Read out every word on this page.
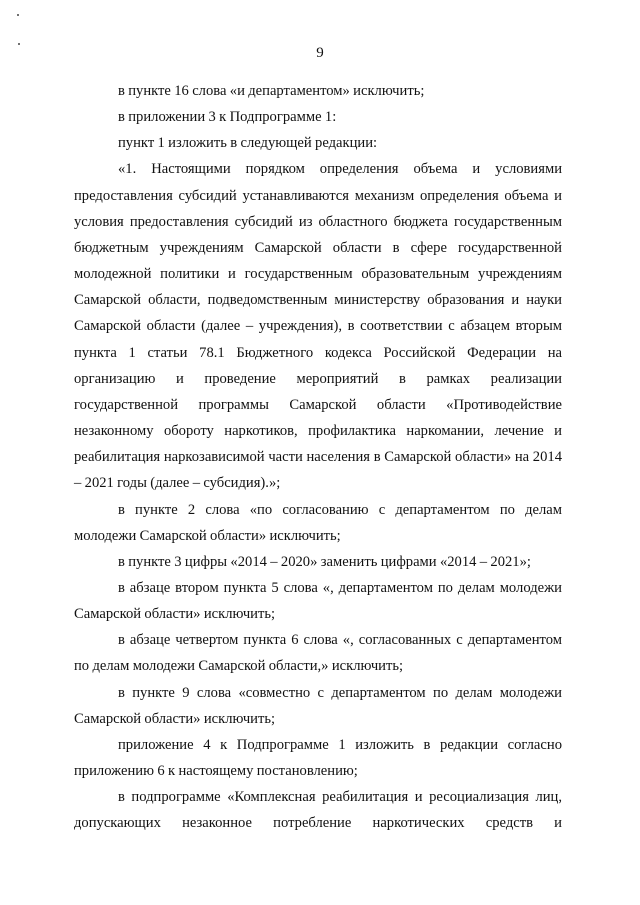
9

в пункте 16 слова «и департаментом» исключить;

в приложении 3 к Подпрограмме 1:

пункт 1 изложить в следующей редакции:

«1. Настоящими порядком определения объема и условиями предоставления субсидий устанавливаются механизм определения объема и условия предоставления субсидий из областного бюджета государственным бюджетным учреждениям Самарской области в сфере государственной молодежной политики и государственным образовательным учреждениям Самарской области, подведомственным министерству образования и науки Самарской области (далее – учреждения), в соответствии с абзацем вторым пункта 1 статьи 78.1 Бюджетного кодекса Российской Федерации на организацию и проведение мероприятий в рамках реализации государственной программы Самарской области «Противодействие незаконному обороту наркотиков, профилактика наркомании, лечение и реабилитация наркозависимой части населения в Самарской области» на 2014 – 2021 годы (далее – субсидия).»;

в пункте 2 слова «по согласованию с департаментом по делам молодежи Самарской области» исключить;

в пункте 3 цифры «2014 – 2020» заменить цифрами «2014 – 2021»;

в абзаце втором пункта 5 слова «, департаментом по делам молодежи Самарской области» исключить;

в абзаце четвертом пункта 6 слова «, согласованных с департаментом по делам молодежи Самарской области,» исключить;

в пункте 9 слова «совместно с департаментом по делам молодежи Самарской области» исключить;

приложение 4 к Подпрограмме 1 изложить в редакции согласно приложению 6 к настоящему постановлению;

в подпрограмме «Комплексная реабилитация и ресоциализация лиц, допускающих незаконное потребление наркотических средств и
